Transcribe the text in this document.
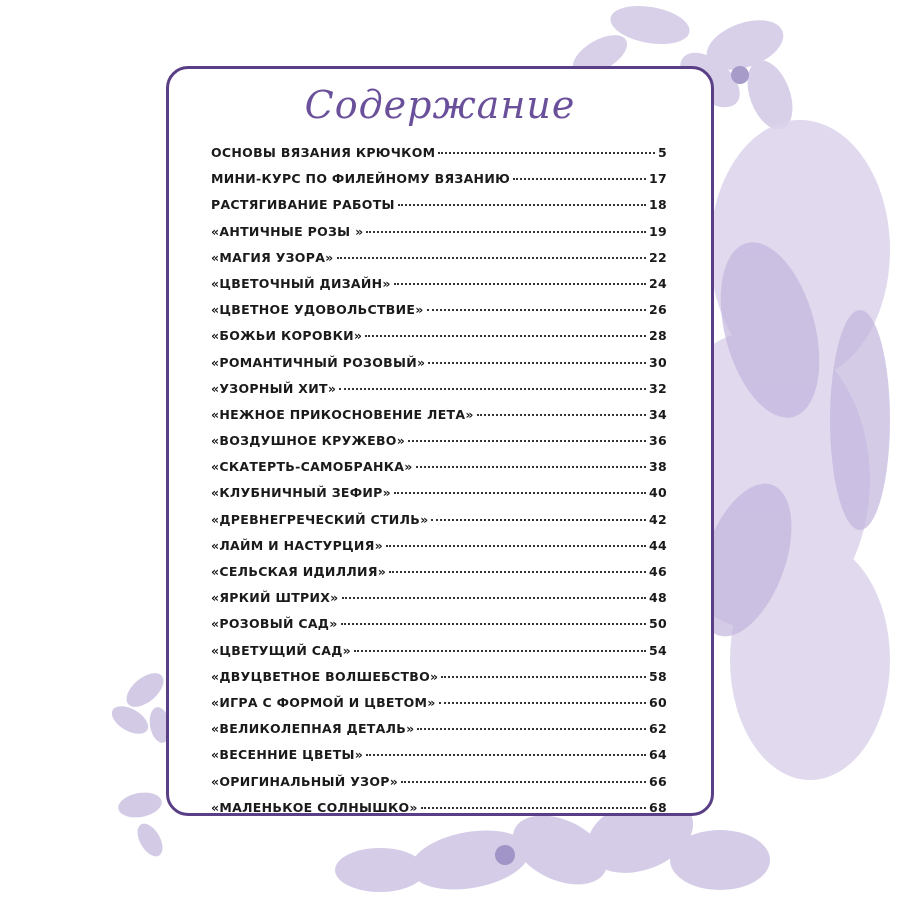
Содержание
ОСНОВЫ ВЯЗАНИЯ КРЮЧКОМ	5
МИНИ-КУРС ПО ФИЛЕЙНОМУ ВЯЗАНИЮ	17
РАСТЯГИВАНИЕ РАБОТЫ	18
«АНТИЧНЫЕ РОЗЫ »	19
«МАГИЯ УЗОРА»	22
«ЦВЕТОЧНЫЙ ДИЗАЙН»	24
«ЦВЕТНОЕ УДОВОЛЬСТВИЕ»	26
«БОЖЬИ КОРОВКИ»	28
«РОМАНТИЧНЫЙ РОЗОВЫЙ»	30
«УЗОРНЫЙ ХИТ»	32
«НЕЖНОЕ ПРИКОСНОВЕНИЕ ЛЕТА»	34
«ВОЗДУШНОЕ КРУЖЕВО»	36
«СКАТЕРТЬ-САМОБРАНКА»	38
«КЛУБНИЧНЫЙ ЗЕФИР»	40
«ДРЕВНЕГРЕЧЕСКИЙ СТИЛЬ»	42
«ЛАЙМ И НАСТУРЦИЯ»	44
«СЕЛЬСКАЯ ИДИЛЛИЯ»	46
«ЯРКИЙ ШТРИХ»	48
«РОЗОВЫЙ САД»	50
«ЦВЕТУЩИЙ САД»	54
«ДВУЦВЕТНОЕ ВОЛШЕБСТВО»	58
«ИГРА С ФОРМОЙ И ЦВЕТОМ»	60
«ВЕЛИКОЛЕПНАЯ ДЕТАЛЬ»	62
«ВЕСЕННИЕ ЦВЕТЫ»	64
«ОРИГИНАЛЬНЫЙ УЗОР»	66
«МАЛЕНЬКОЕ СОЛНЫШКО»	68
